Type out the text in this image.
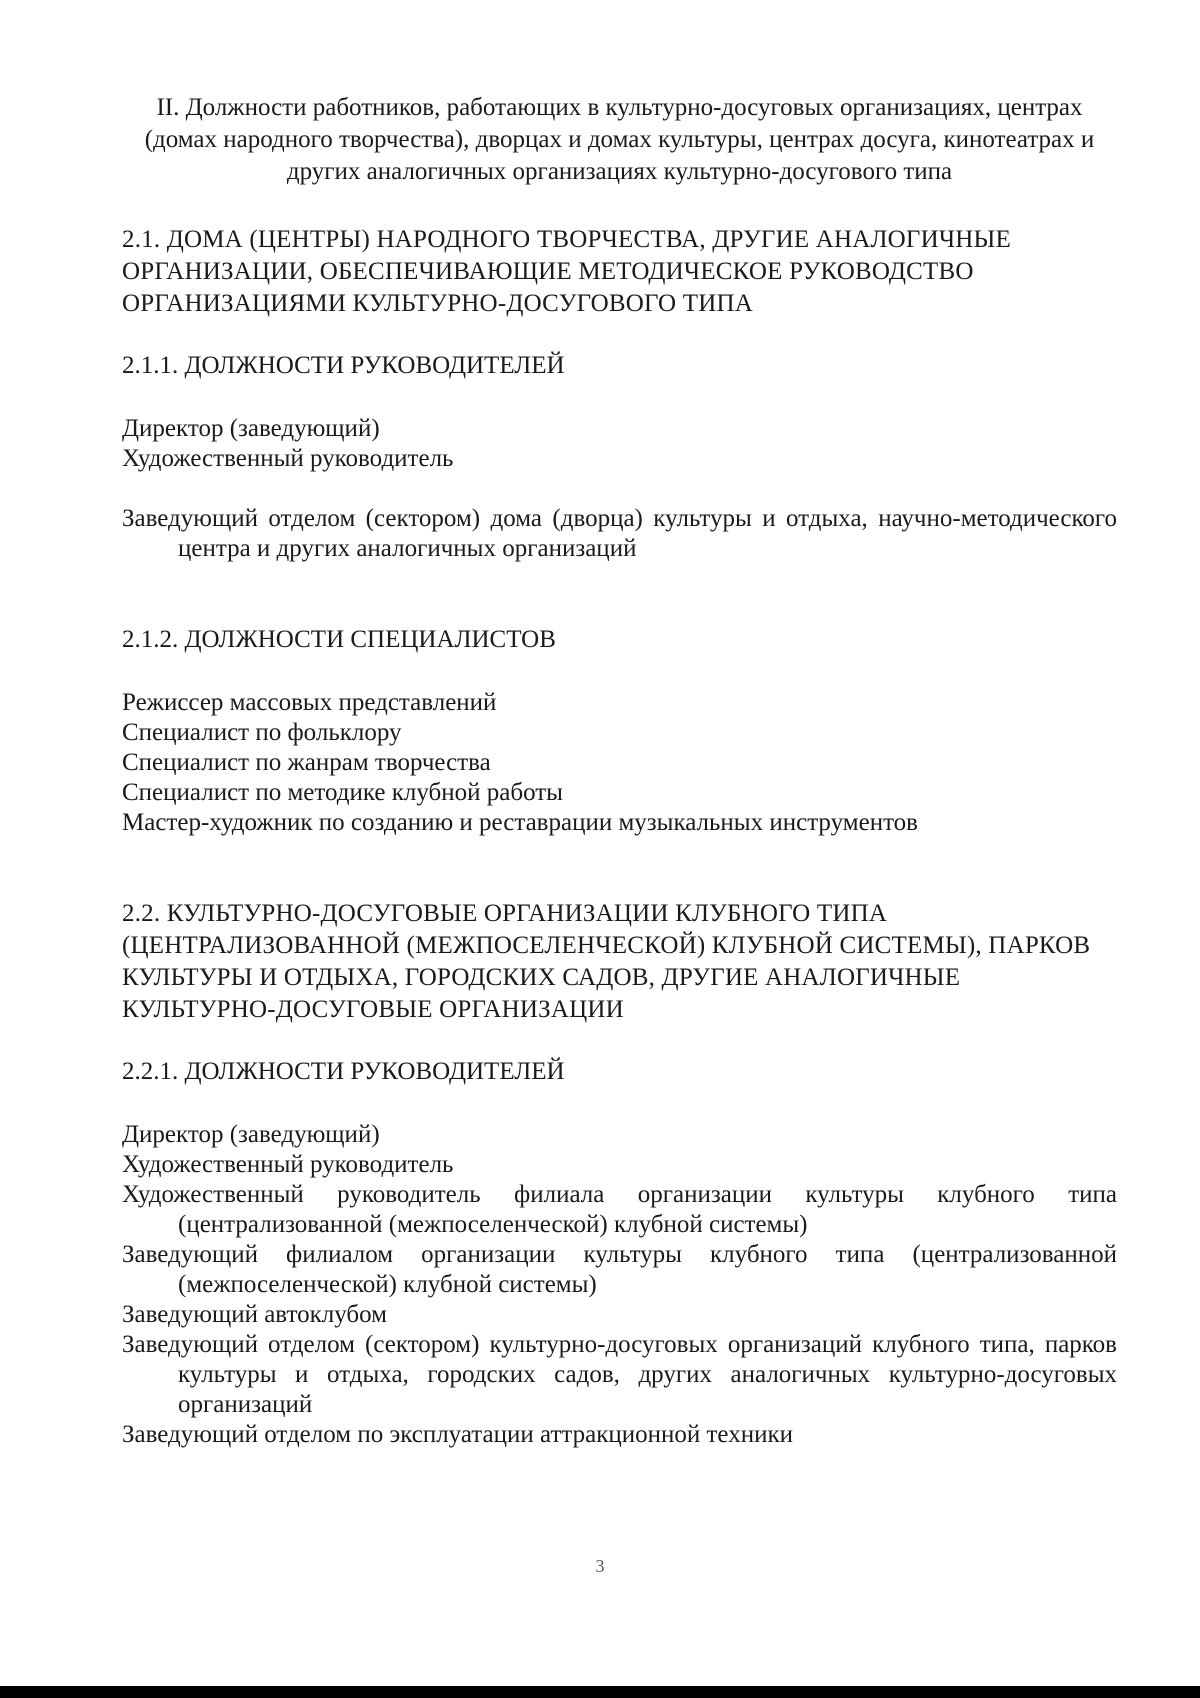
II. Должности работников, работающих в культурно-досуговых организациях, центрах (домах народного творчества), дворцах и домах культуры, центрах досуга, кинотеатрах и других аналогичных организациях культурно-досугового типа

2.1. ДОМА (ЦЕНТРЫ) НАРОДНОГО ТВОРЧЕСТВА, ДРУГИЕ АНАЛОГИЧНЫЕ ОРГАНИЗАЦИИ, ОБЕСПЕЧИВАЮЩИЕ МЕТОДИЧЕСКОЕ РУКОВОДСТВО ОРГАНИЗАЦИЯМИ КУЛЬТУРНО-ДОСУГОВОГО ТИПА

2.1.1. ДОЛЖНОСТИ РУКОВОДИТЕЛЕЙ

Директор (заведующий)
Художественный руководитель
Заведующий отделом (сектором) дома (дворца) культуры и отдыха, научно-методического центра и других аналогичных организаций

2.1.2. ДОЛЖНОСТИ СПЕЦИАЛИСТОВ

Режиссер массовых представлений
Специалист по фольклору
Специалист по жанрам творчества
Специалист по методике клубной работы
Мастер-художник по созданию и реставрации музыкальных инструментов

2.2. КУЛЬТУРНО-ДОСУГОВЫЕ ОРГАНИЗАЦИИ КЛУБНОГО ТИПА (ЦЕНТРАЛИЗОВАННОЙ (МЕЖПОСЕЛЕНЧЕСКОЙ) КЛУБНОЙ СИСТЕМЫ), ПАРКОВ КУЛЬТУРЫ И ОТДЫХА, ГОРОДСКИХ САДОВ, ДРУГИЕ АНАЛОГИЧНЫЕ КУЛЬТУРНО-ДОСУГОВЫЕ ОРГАНИЗАЦИИ

2.2.1. ДОЛЖНОСТИ РУКОВОДИТЕЛЕЙ

Директор (заведующий)
Художественный руководитель
Художественный руководитель филиала организации культуры клубного типа (централизованной (межпоселенческой) клубной системы)
Заведующий филиалом организации культуры клубного типа (централизованной (межпоселенческой) клубной системы)
Заведующий автоклубом
Заведующий отделом (сектором) культурно-досуговых организаций клубного типа, парков культуры и отдыха, городских садов, других аналогичных культурно-досуговых организаций
Заведующий отделом по эксплуатации аттракционной техники
3
